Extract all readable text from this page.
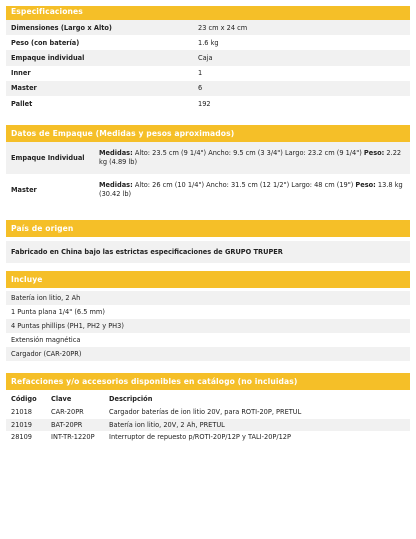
Especificaciones
Dimensiones (Largo x Alto)	23 cm x 24 cm
Peso (con batería)	1.6 kg
Empaque individual	Caja
Inner	1
Master	6
Pallet	192
Datos de Empaque (Medidas y pesos aproximados)
Empaque Individual	Medidas: Alto: 23.5 cm (9 1/4") Ancho: 9.5 cm (3 3/4") Largo: 23.2 cm (9 1/4") Peso: 2.22 kg (4.89 lb)
Master	Medidas: Alto: 26 cm (10 1/4") Ancho: 31.5 cm (12 1/2") Largo: 48 cm (19") Peso: 13.8 kg (30.42 lb)
País de origen
Fabricado en China bajo las estrictas especificaciones de GRUPO TRUPER
Incluye
Batería ion litio, 2 Ah
1 Punta plana 1/4" (6.5 mm)
4 Puntas phillips (PH1, PH2 y PH3)
Extensión magnética
Cargador (CAR-20PR)
Refacciones y/o accesorios disponibles en catálogo (no incluidas)
Código	Clave	Descripción
21018	CAR-20PR	Cargador baterías de ion litio 20V, para ROTI-20P, PRETUL
21019	BAT-20PR	Batería ion litio, 20V, 2 Ah, PRETUL
28109	INT-TR-1220P	Interruptor de repuesto p/ROTI-20P/12P y TALI-20P/12P
